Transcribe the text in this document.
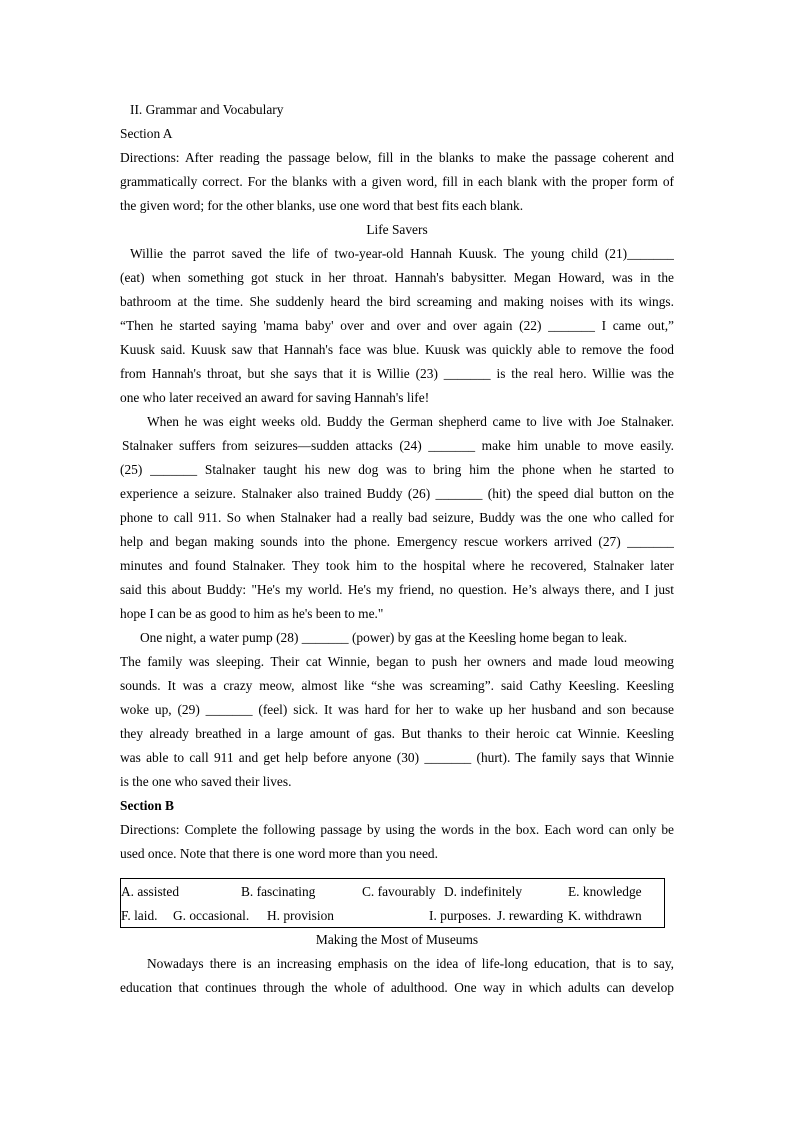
II. Grammar and Vocabulary
Section A
Directions: After reading the passage below, fill in the blanks to make the passage coherent and
grammatically correct. For the blanks with a given word, fill in each blank with the proper form of
the given word; for the other blanks, use one word that best fits each blank.
Life Savers
Willie the parrot saved the life of two-year-old Hannah Kuusk. The young child (21)_______
(eat) when something got stuck in her throat. Hannah's babysitter. Megan Howard, was in the
bathroom at the time. She suddenly heard the bird screaming and making noises with its wings.
“Then he started saying 'mama baby' over and over and over again (22) _______ I came out,”
Kuusk said. Kuusk saw that Hannah's face was blue. Kuusk was quickly able to remove the food
from Hannah's throat, but she says that it is Willie (23) _______ is the real hero. Willie was the
one who later received an award for saving Hannah's life!
When he was eight weeks old. Buddy the German shepherd came to live with Joe Stalnaker.
Stalnaker suffers from seizures—sudden attacks (24) _______ make him unable to move easily.
(25) _______ Stalnaker taught his new dog was to bring him the phone when he started to
experience a seizure. Stalnaker also trained Buddy (26) _______ (hit) the speed dial button on the
phone to call 911. So when Stalnaker had a really bad seizure, Buddy was the one who called for
help and began making sounds into the phone. Emergency rescue workers arrived (27) _______
minutes and found Stalnaker. They took him to the hospital where he recovered, Stalnaker later
said this about Buddy: "He's my world. He's my friend, no question. He’s always there, and I just
hope I can be as good to him as he's been to me."
One night, a water pump (28) _______ (power) by gas at the Keesling home began to leak.
The family was sleeping. Their cat Winnie, began to push her owners and made loud meowing
sounds. It was a crazy meow, almost like “she was screaming”. said Cathy Keesling. Keesling
woke up, (29) _______ (feel) sick. It was hard for her to wake up her husband and son because
they already breathed in a large amount of gas. But thanks to their heroic cat Winnie. Keesling
was able to call 911 and get help before anyone (30) _______ (hurt). The family says that Winnie
is the one who saved their lives.
Section B
Directions: Complete the following passage by using the words in the box. Each word can only be
used once. Note that there is one word more than you need.
A. assisted	B. fascinating	C. favourably D. indefinitely	E. knowledge
F. laid. G. occasional. H. provision	I. purposes. J. rewarding K. withdrawn
Making the Most of Museums
Nowadays there is an increasing emphasis on the idea of life-long education, that is to say,
education that continues through the whole of adulthood. One way in which adults can develop
